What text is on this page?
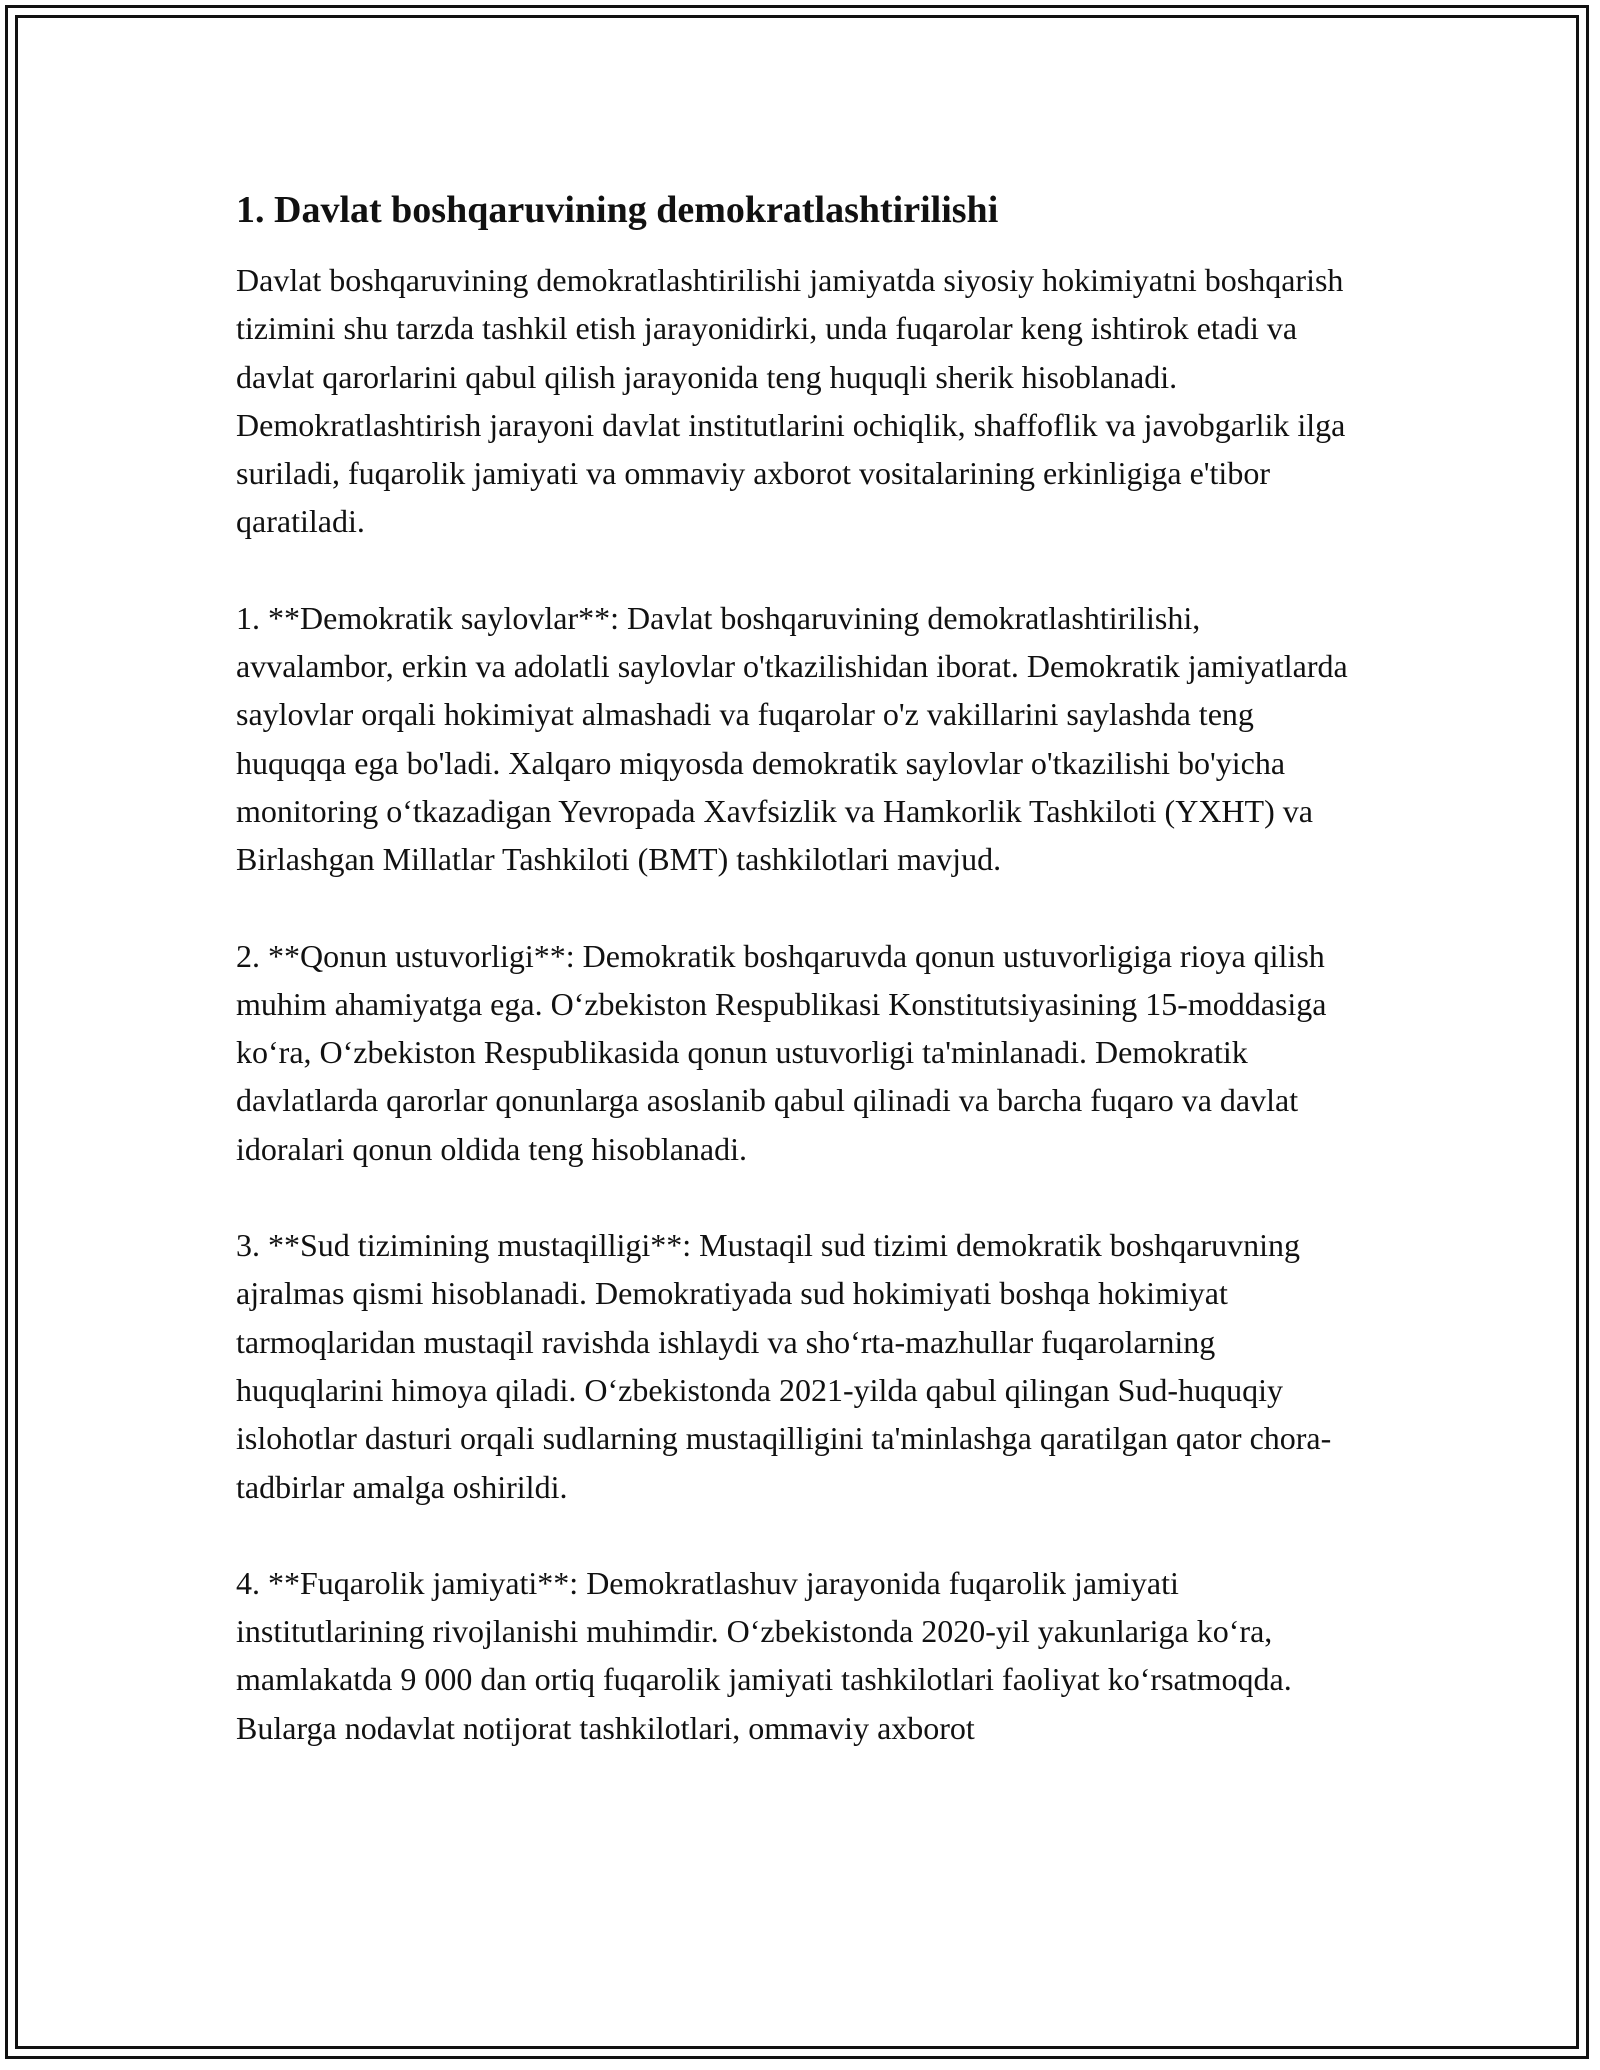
1. Davlat boshqaruvining demokratlashtirilishi

Davlat boshqaruvining demokratlashtirilishi jamiyatda siyosiy hokimiyatni boshqarish tizimini shu tarzda tashkil etish jarayonidirki, unda fuqarolar keng ishtirok etadi va davlat qarorlarini qabul qilish jarayonida teng huquqli sherik hisoblanadi. Demokratlashtirish jarayoni davlat institutlarini ochiqlik, shaffoflik va javobgarlik ilga suriladi, fuqarolik jamiyati va ommaviy axborot vositalarining erkinligiga e'tibor qaratiladi.

1. **Demokratik saylovlar**: Davlat boshqaruvining demokratlashtirilishi, avvalambor, erkin va adolatli saylovlar o'tkazilishidan iborat. Demokratik jamiyatlarda saylovlar orqali hokimiyat almashadi va fuqarolar o'z vakillarini saylashda teng huquqqa ega bo'ladi. Xalqaro miqyosda demokratik saylovlar o'tkazilishi bo'yicha monitoring o‘tkazadigan Yevropada Xavfsizlik va Hamkorlik Tashkiloti (YXHT) va Birlashgan Millatlar Tashkiloti (BMT) tashkilotlari mavjud.

2. **Qonun ustuvorligi**: Demokratik boshqaruvda qonun ustuvorligiga rioya qilish muhim ahamiyatga ega. O‘zbekiston Respublikasi Konstitutsiyasining 15-moddasiga ko‘ra, O‘zbekiston Respublikasida qonun ustuvorligi ta'minlanadi. Demokratik davlatlarda qarorlar qonunlarga asoslanib qabul qilinadi va barcha fuqaro va davlat idoralari qonun oldida teng hisoblanadi.

3. **Sud tizimining mustaqilligi**: Mustaqil sud tizimi demokratik boshqaruvning ajralmas qismi hisoblanadi. Demokratiyada sud hokimiyati boshqa hokimiyat tarmoqlaridan mustaqil ravishda ishlaydi va sho‘rta-mazhullar fuqarolarning huquqlarini himoya qiladi. O‘zbekistonda 2021-yilda qabul qilingan Sud-huquqiy islohotlar dasturi orqali sudlarning mustaqilligini ta'minlashga qaratilgan qator chora-tadbirlar amalga oshirildi.

4. **Fuqarolik jamiyati**: Demokratlashuv jarayonida fuqarolik jamiyati institutlarining rivojlanishi muhimdir. O‘zbekistonda 2020-yil yakunlariga ko‘ra, mamlakatda 9 000 dan ortiq fuqarolik jamiyati tashkilotlari faoliyat ko‘rsatmoqda. Bularga nodavlat notijorat tashkilotlari, ommaviy axborot
